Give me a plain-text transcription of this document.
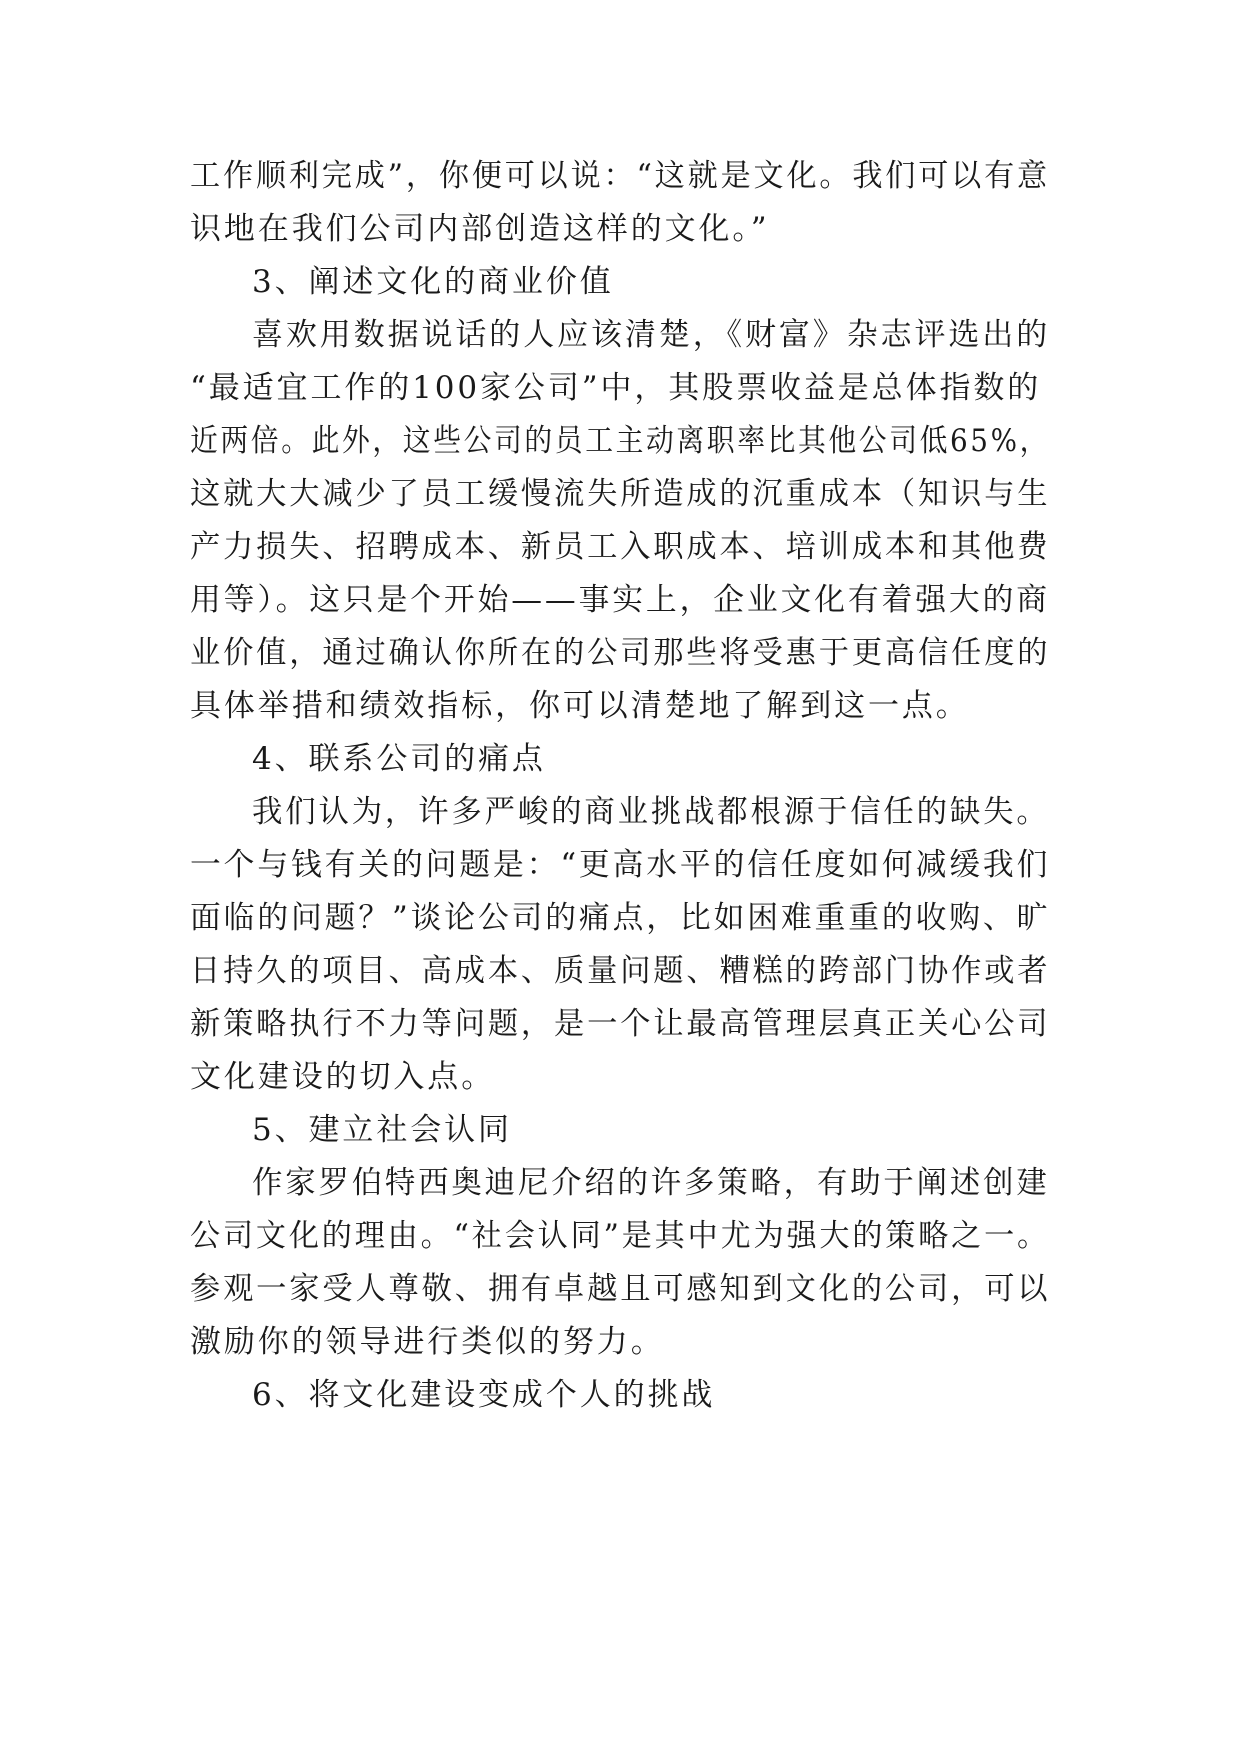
工作顺利完成”，你便可以说：“这就是文化。我们可以有意
识地在我们公司内部创造这样的文化。”
3、阐述文化的商业价值
喜欢用数据说话的人应该清楚，《财富》杂志评选出的
“最适宜工作的100家公司”中，其股票收益是总体指数的
近两倍。此外，这些公司的员工主动离职率比其他公司低65%，
这就大大减少了员工缓慢流失所造成的沉重成本（知识与生
产力损失、招聘成本、新员工入职成本、培训成本和其他费
用等）。这只是个开始——事实上，企业文化有着强大的商
业价值，通过确认你所在的公司那些将受惠于更高信任度的
具体举措和绩效指标，你可以清楚地了解到这一点。
4、联系公司的痛点
我们认为，许多严峻的商业挑战都根源于信任的缺失。
一个与钱有关的问题是：“更高水平的信任度如何减缓我们
面临的问题？”谈论公司的痛点，比如困难重重的收购、旷
日持久的项目、高成本、质量问题、糟糕的跨部门协作或者
新策略执行不力等问题，是一个让最高管理层真正关心公司
文化建设的切入点。
5、建立社会认同
作家罗伯特西奥迪尼介绍的许多策略，有助于阐述创建
公司文化的理由。“社会认同”是其中尤为强大的策略之一。
参观一家受人尊敬、拥有卓越且可感知到文化的公司，可以
激励你的领导进行类似的努力。
6、将文化建设变成个人的挑战
